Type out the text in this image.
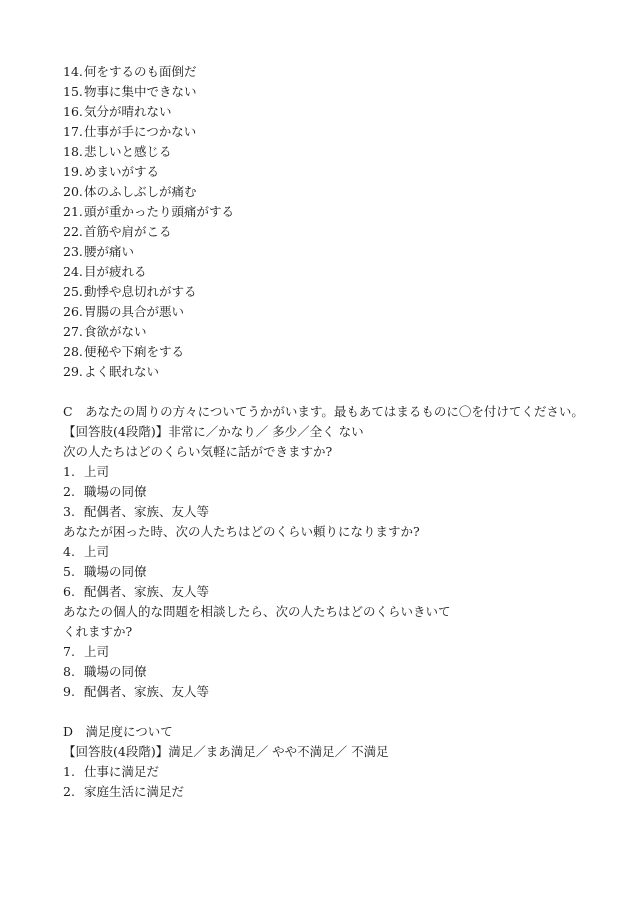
14.何をするのも面倒だ
15.物事に集中できない
16.気分が晴れない
17.仕事が手につかない
18.悲しいと感じる
19.めまいがする
20.体のふしぶしが痛む
21.頭が重かったり頭痛がする
22.首筋や肩がこる
23.腰が痛い
24.目が疲れる
25.動悸や息切れがする
26.胃腸の具合が悪い
27.食欲がない
28.便秘や下痢をする
29.よく眠れない
C　あなたの周りの方々についてうかがいます。最もあてはまるものに〇を付けてください。
【回答肢(4段階)】非常に／かなり／ 多少／全く ない
次の人たちはどのくらい気軽に話ができますか?
1. 上司
2. 職場の同僚
3. 配偶者、家族、友人等
あなたが困った時、次の人たちはどのくらい頼りになりますか?
4. 上司
5. 職場の同僚
6. 配偶者、家族、友人等
あなたの個人的な問題を相談したら、次の人たちはどのくらいきいて
くれますか?
7. 上司
8. 職場の同僚
9. 配偶者、家族、友人等
D　満足度について
【回答肢(4段階)】満足／まあ満足／ やや不満足／ 不満足
1. 仕事に満足だ
2. 家庭生活に満足だ
